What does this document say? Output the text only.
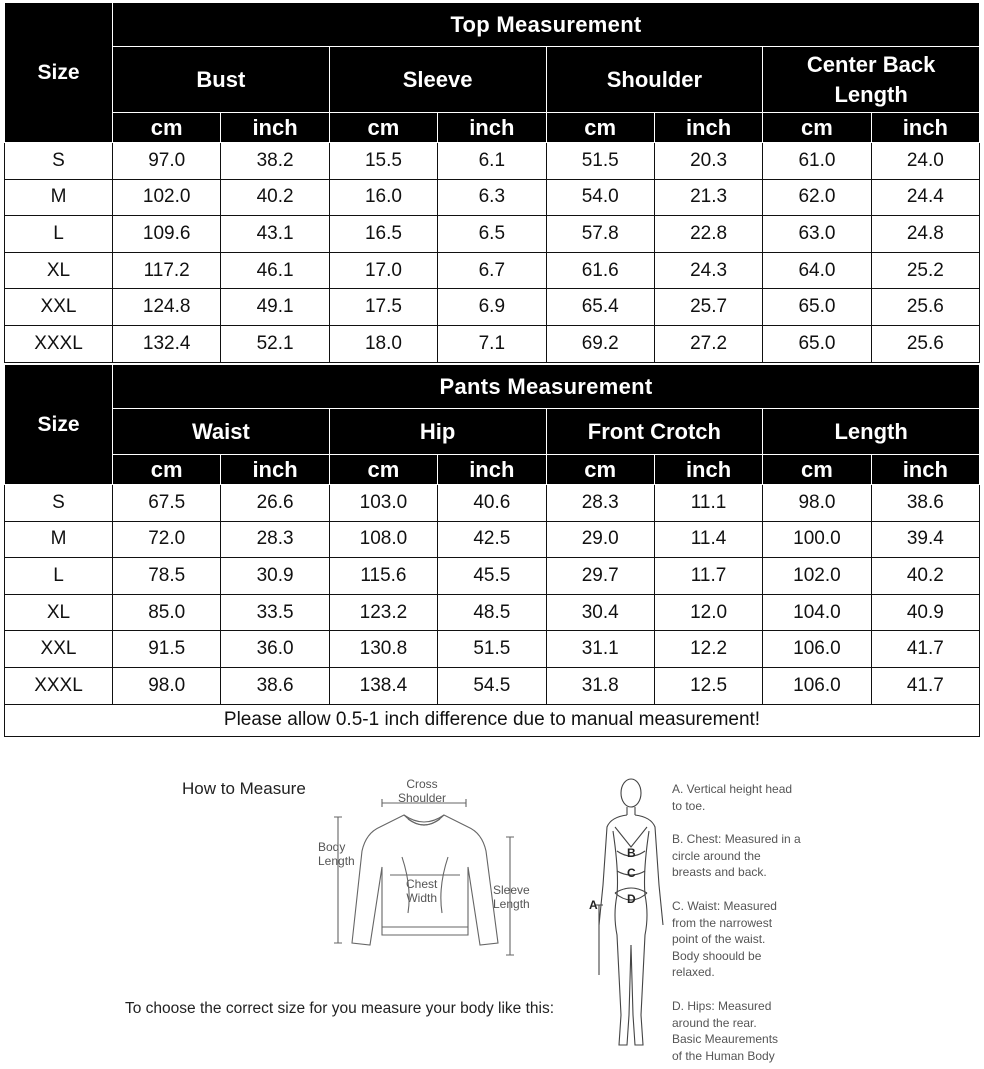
Size	Top Measurement							
	Bust		Sleeve		Shoulder		Center Back
Length	
	cm	inch	cm	inch	cm	inch	cm	inch
S	97.0	38.2	15.5	6.1	51.5	20.3	61.0	24.0
M	102.0	40.2	16.0	6.3	54.0	21.3	62.0	24.4
L	109.6	43.1	16.5	6.5	57.8	22.8	63.0	24.8
XL	117.2	46.1	17.0	6.7	61.6	24.3	64.0	25.2
XXL	124.8	49.1	17.5	6.9	65.4	25.7	65.0	25.6
XXXL	132.4	52.1	18.0	7.1	69.2	27.2	65.0	25.6
Size	Pants Measurement							
	Waist		Hip		Front Crotch		Length	
	cm	inch	cm	inch	cm	inch	cm	inch
S	67.5	26.6	103.0	40.6	28.3	11.1	98.0	38.6
M	72.0	28.3	108.0	42.5	29.0	11.4	100.0	39.4
L	78.5	30.9	115.6	45.5	29.7	11.7	102.0	40.2
XL	85.0	33.5	123.2	48.5	30.4	12.0	104.0	40.9
XXL	91.5	36.0	130.8	51.5	31.1	12.2	106.0	41.7
XXXL	98.0	38.6	138.4	54.5	31.8	12.5	106.0	41.7
Please allow 0.5-1 inch difference due to manual measurement!								
How to Measure	Cross
Shoulder
Body
Length
Chest
Width
Sleeve
Length
To choose the correct size for you measure your body like this:
B
C
D
A
A. Vertical height head
to toe.
B. Chest: Measured in a
circle around the
breasts and back.
C. Waist: Measured
from the narrowest
point of the waist.
Body shoould be
relaxed.
D. Hips: Measured
around the rear.
Basic Meaurements
of the Human Body
